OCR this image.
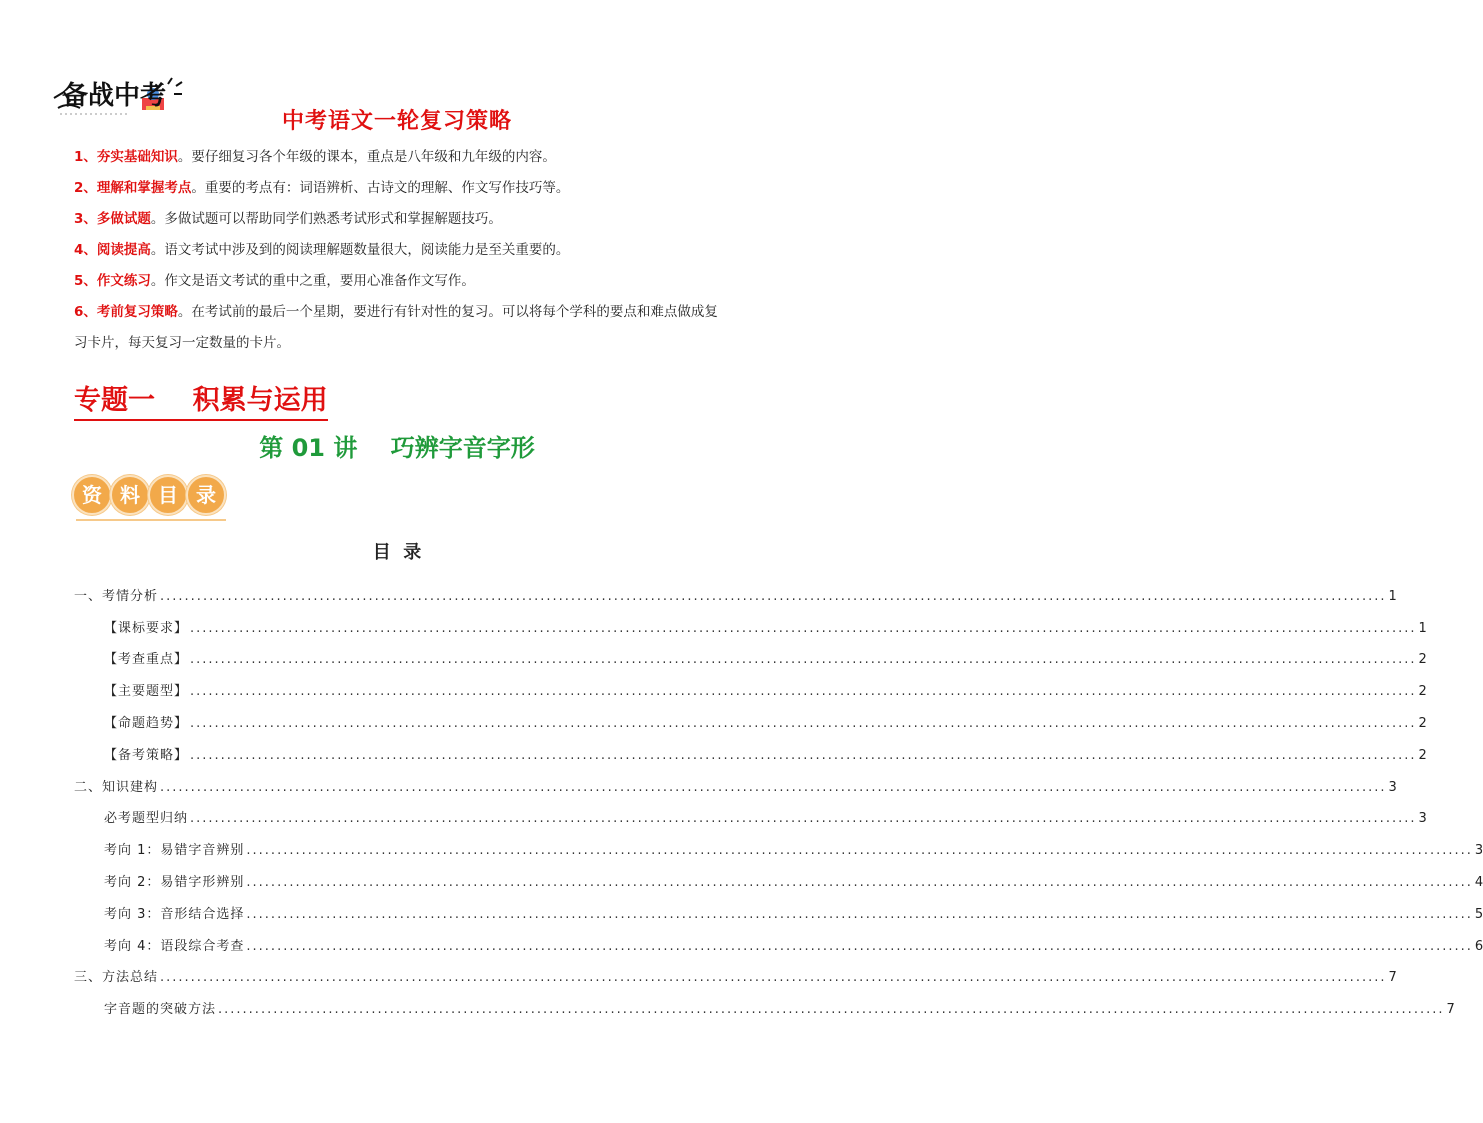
备战中考
中考语文一轮复习策略

1、夯实基础知识。要仔细复习各个年级的课本，重点是八年级和九年级的内容。

2、理解和掌握考点。重要的考点有：词语辨析、古诗文的理解、作文写作技巧等。

3、多做试题。多做试题可以帮助同学们熟悉考试形式和掌握解题技巧。

4、阅读提高。语文考试中涉及到的阅读理解题数量很大，阅读能力是至关重要的。

5、作文练习。作文是语文考试的重中之重，要用心准备作文写作。

6、考前复习策略。在考试前的最后一个星期，要进行有针对性的复习。可以将每个学科的要点和难点做成复习卡片，每天复习一定数量的卡片。

专题一    积累与运用
第 01 讲    巧辨字音字形
资 料 目 录
目  录
一、考情分析 ........................................................................................................................................................................................................ 1
【课标要求】 ........................................................................................................................................................................................................ 1
【考查重点】 ........................................................................................................................................................................................................ 2
【主要题型】 ........................................................................................................................................................................................................ 2
【命题趋势】 ........................................................................................................................................................................................................ 2
【备考策略】 ........................................................................................................................................................................................................ 2
二、知识建构 ........................................................................................................................................................................................................ 3
必考题型归纳 ........................................................................................................................................................................................................ 3
考向 1：易错字音辨别 ........................................................................................................................................................................................................ 3
考向 2：易错字形辨别 ........................................................................................................................................................................................................ 4
考向 3：音形结合选择 ........................................................................................................................................................................................................ 5
考向 4：语段综合考查 ........................................................................................................................................................................................................ 6
三、方法总结 ........................................................................................................................................................................................................ 7
字音题的突破方法 ........................................................................................................................................................................................................ 7
